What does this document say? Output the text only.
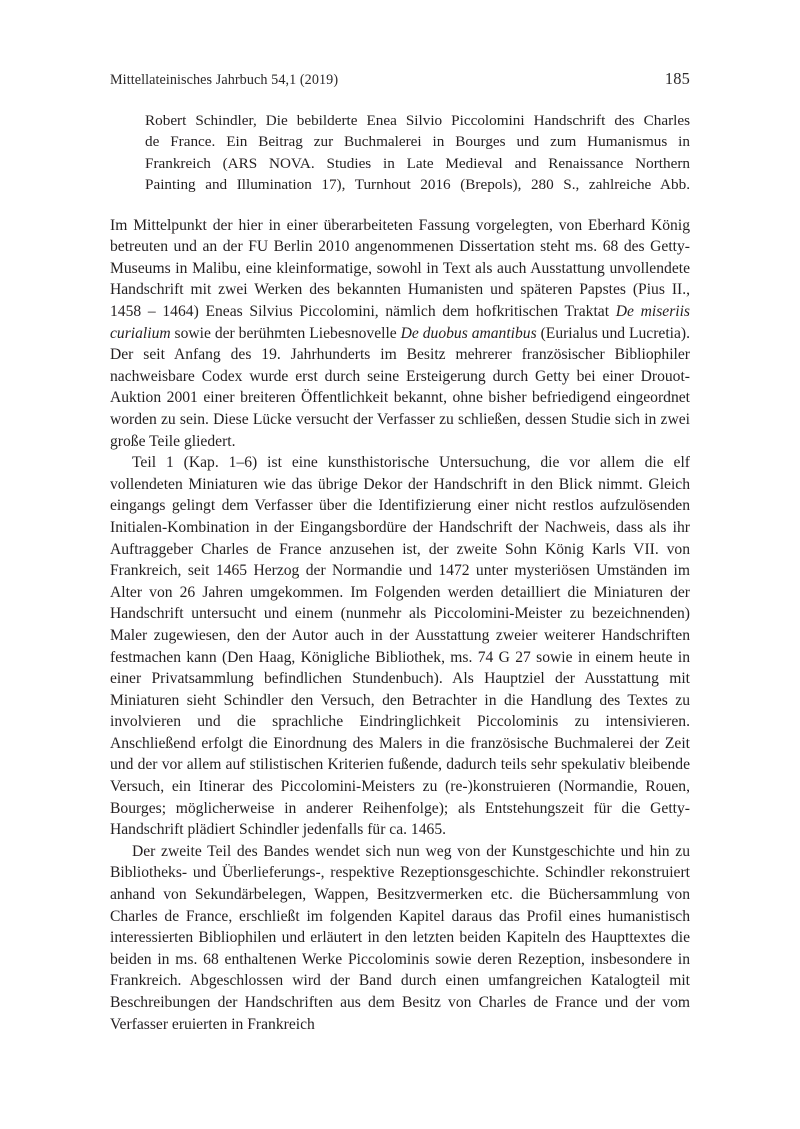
Mittellateinisches Jahrbuch 54,1 (2019)	185
Robert Schindler, Die bebilderte Enea Silvio Piccolomini Handschrift des Charles
de France. Ein Beitrag zur Buchmalerei in Bourges und zum Humanismus in
Frankreich (ARS NOVA. Studies in Late Medieval and Renaissance Northern
Painting and Illumination 17), Turnhout 2016 (Brepols), 280 S., zahlreiche Abb.

Im Mittelpunkt der hier in einer überarbeiteten Fassung vorgelegten, von Eberhard König betreuten und an der FU Berlin 2010 angenommenen Dissertation steht ms. 68 des Getty-Museums in Malibu, eine kleinformatige, sowohl in Text als auch Ausstattung unvollendete Handschrift mit zwei Werken des bekannten Humanisten und späteren Papstes (Pius II., 1458 – 1464) Eneas Silvius Piccolomini, nämlich dem hofkritischen Traktat De miseriis curialium sowie der berühmten Liebesnovelle De duobus amantibus (Eurialus und Lucretia). Der seit Anfang des 19. Jahrhunderts im Besitz mehrerer französischer Bibliophiler nachweisbare Codex wurde erst durch seine Ersteigerung durch Getty bei einer Drouot-Auktion 2001 einer breiteren Öffentlichkeit bekannt, ohne bisher befriedigend eingeordnet worden zu sein. Diese Lücke versucht der Verfasser zu schließen, dessen Studie sich in zwei große Teile gliedert.

Teil 1 (Kap. 1–6) ist eine kunsthistorische Untersuchung, die vor allem die elf vollendeten Miniaturen wie das übrige Dekor der Handschrift in den Blick nimmt. Gleich eingangs gelingt dem Verfasser über die Identifizierung einer nicht restlos aufzulösenden Initialen-Kombination in der Eingangsbordüre der Handschrift der Nachweis, dass als ihr Auftraggeber Charles de France anzusehen ist, der zweite Sohn König Karls VII. von Frankreich, seit 1465 Herzog der Normandie und 1472 unter mysteriösen Umständen im Alter von 26 Jahren umgekommen. Im Folgenden werden detailliert die Miniaturen der Handschrift untersucht und einem (nunmehr als Piccolomini-Meister zu bezeichnenden) Maler zugewiesen, den der Autor auch in der Ausstattung zweier weiterer Handschriften festmachen kann (Den Haag, Königliche Bibliothek, ms. 74 G 27 sowie in einem heute in einer Privatsammlung befindlichen Stundenbuch). Als Hauptziel der Ausstattung mit Miniaturen sieht Schindler den Versuch, den Betrachter in die Handlung des Textes zu involvieren und die sprachliche Eindringlichkeit Piccolominis zu intensivieren. Anschließend erfolgt die Einordnung des Malers in die französische Buchmalerei der Zeit und der vor allem auf stilistischen Kriterien fußende, dadurch teils sehr spekulativ bleibende Versuch, ein Itinerar des Piccolomini-Meisters zu (re-)konstruieren (Normandie, Rouen, Bourges; möglicherweise in anderer Reihenfolge); als Entstehungszeit für die Getty-Handschrift plädiert Schindler jedenfalls für ca. 1465.

Der zweite Teil des Bandes wendet sich nun weg von der Kunstgeschichte und hin zu Bibliotheks- und Überlieferungs-, respektive Rezeptionsgeschichte. Schindler rekonstruiert anhand von Sekundärbelegen, Wappen, Besitzvermerken etc. die Büchersammlung von Charles de France, erschließt im folgenden Kapitel daraus das Profil eines humanistisch interessierten Bibliophilen und erläutert in den letzten beiden Kapiteln des Haupttextes die beiden in ms. 68 enthaltenen Werke Piccolominis sowie deren Rezeption, insbesondere in Frankreich. Abgeschlossen wird der Band durch einen umfangreichen Katalogteil mit Beschreibungen der Handschriften aus dem Besitz von Charles de France und der vom Verfasser eruierten in Frankreich
